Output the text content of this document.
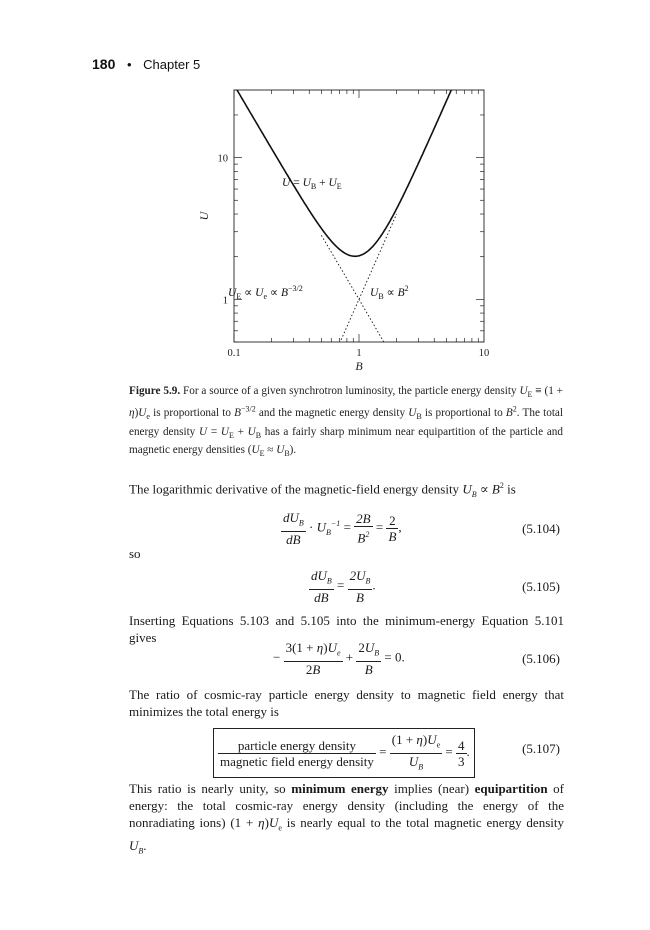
180 • Chapter 5
0.1	1	10
10
1
B
U
$U = U_B + U_E$
$U_E \propto U_e \propto B^{-3/2}$	$U_B \propto B^2$
Figure 5.9. For a source of a given synchrotron luminosity, the particle energy density $U_E \equiv (1 + \eta)U_e$ is proportional to $B^{-3/2}$ and the magnetic energy density $U_B$ is proportional to $B^2$. The total energy density $U = U_E + U_B$ has a fairly sharp minimum near equipartition of the particle and magnetic energy densities $(U_E \approx U_B)$.
The logarithmic derivative of the magnetic-field energy density $U_B \propto B^2$ is
$\frac{dU_B}{dB} \cdot U_B^{-1} = \frac{2B}{B^2} = \frac{2}{B}$ ,	(5.104)
so
$\frac{dU_B}{dB} = \frac{2U_B}{B}$ .	(5.105)
Inserting Equations 5.103 and 5.105 into the minimum-energy Equation 5.101 gives
− $\frac{3(1 + \eta)U_e}{2B} + \frac{2U_B}{B} = 0$.	(5.106)
The ratio of cosmic-ray particle energy density to magnetic field energy that minimizes the total energy is
$\frac{\text{particle energy density}}{\text{magnetic field energy density}} = \frac{(1 + \eta)U_e}{U_B} = \frac{4}{3}$ .	(5.107)
This ratio is nearly unity, so minimum energy implies (near) equipartition of energy: the total cosmic-ray energy density (including the energy of the nonradiating ions) $(1 + \eta)U_e$ is nearly equal to the total magnetic energy density $U_B$.
